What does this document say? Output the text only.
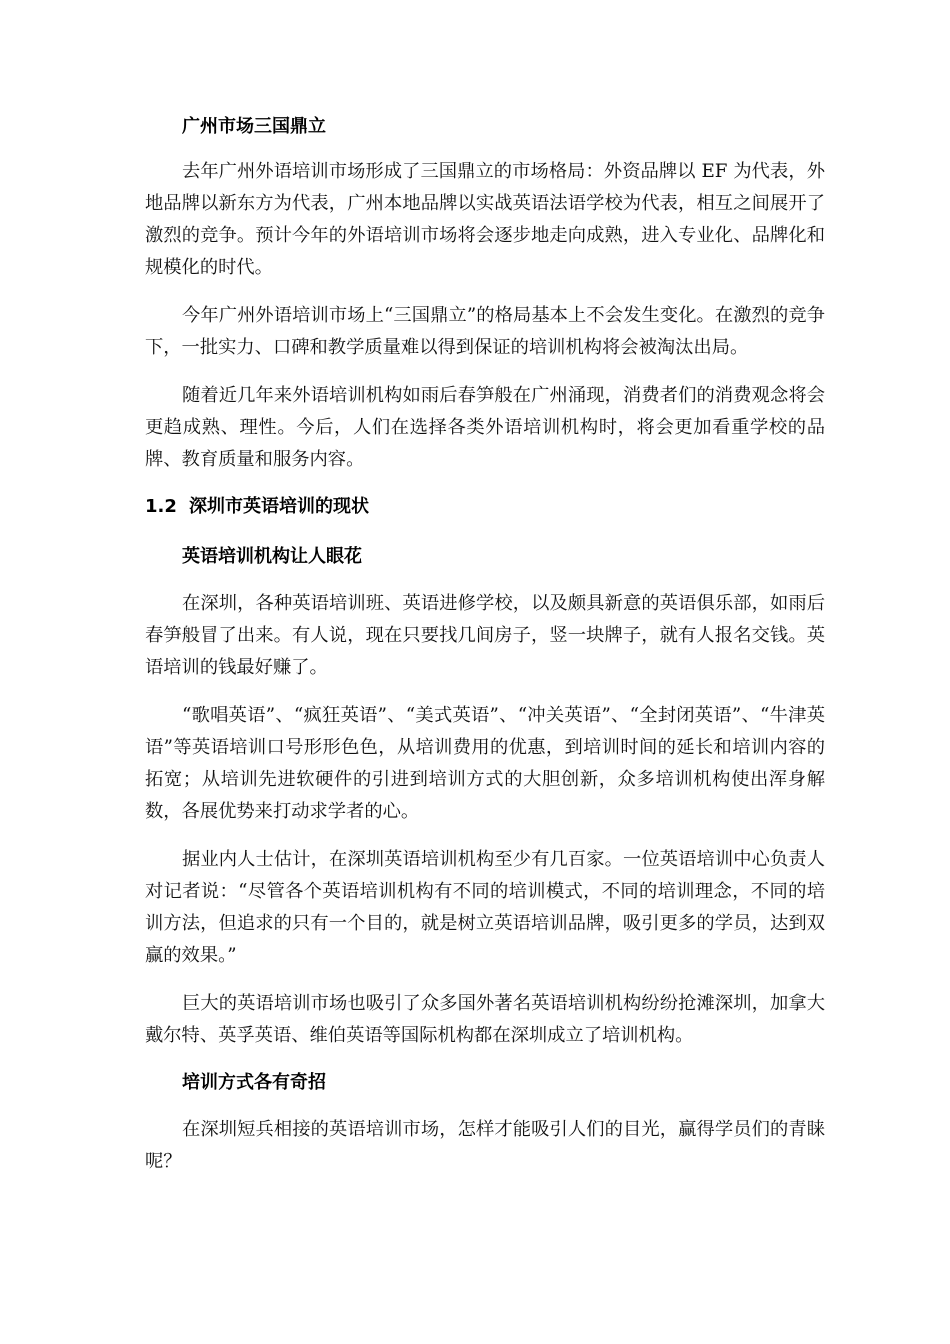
广州市场三国鼎立

去年广州外语培训市场形成了三国鼎立的市场格局：外资品牌以 EF 为代表，外地品牌以新东方为代表，广州本地品牌以实战英语法语学校为代表，相互之间展开了激烈的竞争。预计今年的外语培训市场将会逐步地走向成熟，进入专业化、品牌化和规模化的时代。

今年广州外语培训市场上“三国鼎立”的格局基本上不会发生变化。在激烈的竞争下，一批实力、口碑和教学质量难以得到保证的培训机构将会被淘汰出局。

随着近几年来外语培训机构如雨后春笋般在广州涌现，消费者们的消费观念将会更趋成熟、理性。今后，人们在选择各类外语培训机构时，将会更加看重学校的品牌、教育质量和服务内容。

1.2 深圳市英语培训的现状

英语培训机构让人眼花

在深圳，各种英语培训班、英语进修学校，以及颇具新意的英语俱乐部，如雨后春笋般冒了出来。有人说，现在只要找几间房子，竖一块牌子，就有人报名交钱。英语培训的钱最好赚了。

“歌唱英语”、“疯狂英语”、“美式英语”、“冲关英语”、“全封闭英语”、“牛津英语”等英语培训口号形形色色，从培训费用的优惠，到培训时间的延长和培训内容的拓宽；从培训先进软硬件的引进到培训方式的大胆创新，众多培训机构使出浑身解数，各展优势来打动求学者的心。

据业内人士估计，在深圳英语培训机构至少有几百家。一位英语培训中心负责人对记者说：“尽管各个英语培训机构有不同的培训模式，不同的培训理念，不同的培训方法，但追求的只有一个目的，就是树立英语培训品牌，吸引更多的学员，达到双赢的效果。”

巨大的英语培训市场也吸引了众多国外著名英语培训机构纷纷抢滩深圳，加拿大戴尔特、英孚英语、维伯英语等国际机构都在深圳成立了培训机构。

培训方式各有奇招

在深圳短兵相接的英语培训市场，怎样才能吸引人们的目光，赢得学员们的青睐呢？
